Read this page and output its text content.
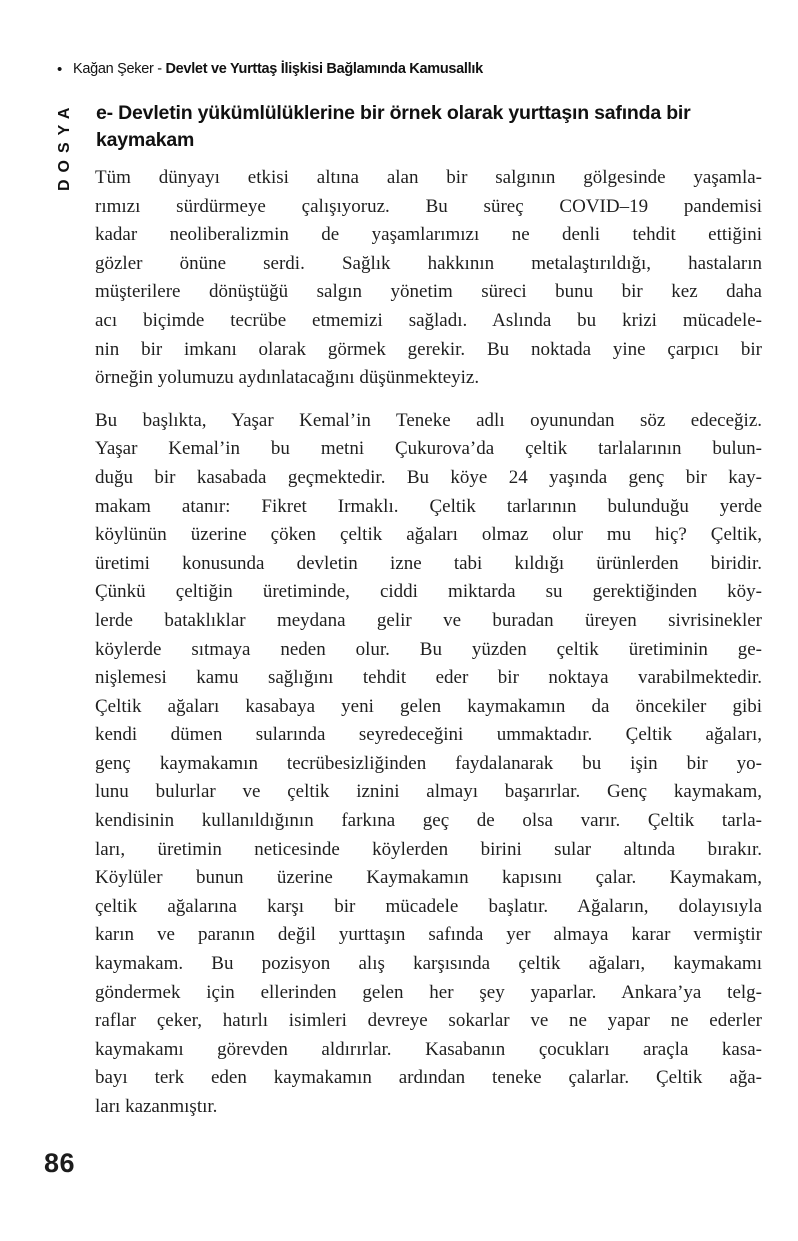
• Kağan Şeker - Devlet ve Yurttaş İlişkisi Bağlamında Kamusallık
DOSYA e- Devletin yükümlülüklerine bir örnek olarak yurttaşın safında bir
kaymakam
Tüm dünyayı etkisi altına alan bir salgının gölgesinde yaşamla-
rımızı sürdürmeye çalışıyoruz. Bu süreç COVID–19 pandemisi
kadar neoliberalizmin de yaşamlarımızı ne denli tehdit ettiğini
gözler önüne serdi. Sağlık hakkının metalaştırıldığı, hastaların
müşterilere dönüştüğü salgın yönetim süreci bunu bir kez daha
acı biçimde tecrübe etmemizi sağladı. Aslında bu krizi mücadele-
nin bir imkanı olarak görmek gerekir. Bu noktada yine çarpıcı bir
örneğin yolumuzu aydınlatacağını düşünmekteyiz.
Bu başlıkta, Yaşar Kemal’in Teneke adlı oyunundan söz edeceğiz.
Yaşar Kemal’in bu metni Çukurova’da çeltik tarlalarının bulun-
duğu bir kasabada geçmektedir. Bu köye 24 yaşında genç bir kay-
makam atanır: Fikret Irmaklı. Çeltik tarlarının bulunduğu yerde
köylünün üzerine çöken çeltik ağaları olmaz olur mu hiç? Çeltik,
üretimi konusunda devletin izne tabi kıldığı ürünlerden biridir.
Çünkü çeltiğin üretiminde, ciddi miktarda su gerektiğinden köy-
lerde bataklıklar meydana gelir ve buradan üreyen sivrisinekler
köylerde sıtmaya neden olur. Bu yüzden çeltik üretiminin ge-
nişlemesi kamu sağlığını tehdit eder bir noktaya varabilmektedir.
Çeltik ağaları kasabaya yeni gelen kaymakamın da öncekiler gibi
kendi dümen sularında seyredeceğini ummaktadır. Çeltik ağaları,
genç kaymakamın tecrübesizliğinden faydalanarak bu işin bir yo-
lunu bulurlar ve çeltik iznini almayı başarırlar. Genç kaymakam,
kendisinin kullanıldığının farkına geç de olsa varır. Çeltik tarla-
ları, üretimin neticesinde köylerden birini sular altında bırakır.
Köylüler bunun üzerine Kaymakamın kapısını çalar. Kaymakam,
çeltik ağalarına karşı bir mücadele başlatır. Ağaların, dolayısıyla
karın ve paranın değil yurttaşın safında yer almaya karar vermiştir
kaymakam. Bu pozisyon alış karşısında çeltik ağaları, kaymakamı
göndermek için ellerinden gelen her şey yaparlar. Ankara’ya telg-
raflar çeker, hatırlı isimleri devreye sokarlar ve ne yapar ne ederler
kaymakamı görevden aldırırlar. Kasabanın çocukları araçla kasa-
bayı terk eden kaymakamın ardından teneke çalarlar. Çeltik ağa-
ları kazanmıştır.
86
